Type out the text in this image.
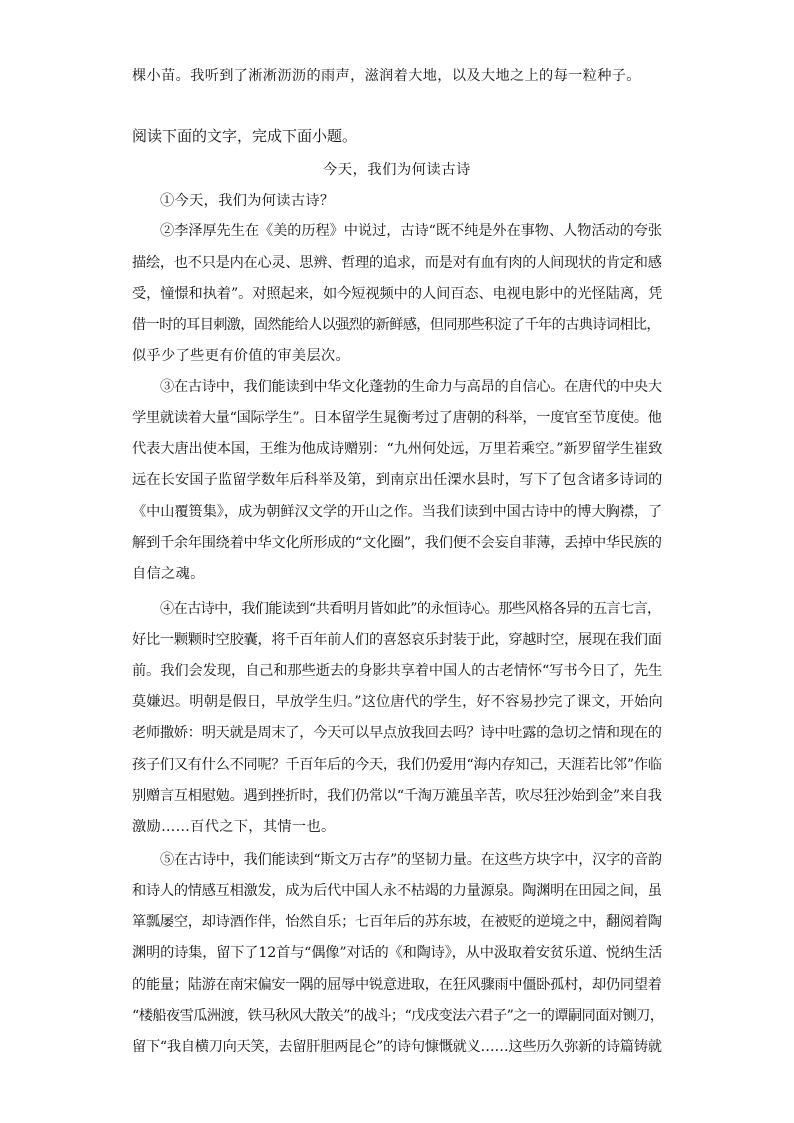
棵小苗。我听到了淅淅沥沥的雨声，滋润着大地，以及大地之上的每一粒种子。
阅读下面的文字，完成下面小题。
今天，我们为何读古诗
①今天，我们为何读古诗？
②李泽厚先生在《美的历程》中说过，古诗“既不纯是外在事物、人物活动的夸张
描绘，也不只是内在心灵、思辨、哲理的追求，而是对有血有肉的人间现状的肯定和感
受，憧憬和执着”。对照起来，如今短视频中的人间百态、电视电影中的光怪陆离，凭
借一时的耳目刺激，固然能给人以强烈的新鲜感，但同那些积淀了千年的古典诗词相比，
似乎少了些更有价值的审美层次。
③在古诗中，我们能读到中华文化蓬勃的生命力与高昂的自信心。在唐代的中央大
学里就读着大量“国际学生”。日本留学生晁衡考过了唐朝的科举，一度官至节度使。他
代表大唐出使本国，王维为他成诗赠别：“九州何处远，万里若乘空。”新罗留学生崔致
远在长安国子监留学数年后科举及第，到南京出任溧水县时，写下了包含诸多诗词的
《中山覆篑集》，成为朝鲜汉文学的开山之作。当我们读到中国古诗中的博大胸襟，了
解到千余年围绕着中华文化所形成的“文化圈”，我们便不会妄自菲薄，丢掉中华民族的
自信之魂。
④在古诗中，我们能读到“共看明月皆如此”的永恒诗心。那些风格各异的五言七言，
好比一颗颗时空胶囊，将千百年前人们的喜怒哀乐封装于此，穿越时空，展现在我们面
前。我们会发现，自己和那些逝去的身影共享着中国人的古老情怀“写书今日了，先生
莫嫌迟。明朝是假日，早放学生归。”这位唐代的学生，好不容易抄完了课文，开始向
老师撒娇：明天就是周末了，今天可以早点放我回去吗？诗中吐露的急切之情和现在的
孩子们又有什么不同呢？千百年后的今天，我们仍爱用“海内存知己，天涯若比邻”作临
别赠言互相慰勉。遇到挫折时，我们仍常以“千淘万漉虽辛苦，吹尽狂沙始到金”来自我
激励……百代之下，其情一也。
⑤在古诗中，我们能读到“斯文万古存”的坚韧力量。在这些方块字中，汉字的音韵
和诗人的情感互相激发，成为后代中国人永不枯竭的力量源泉。陶渊明在田园之间，虽
箪瓢屡空，却诗酒作伴，怡然自乐；七百年后的苏东坡，在被贬的逆境之中，翻阅着陶
渊明的诗集，留下了12首与“偶像”对话的《和陶诗》，从中汲取着安贫乐道、悦纳生活
的能量；陆游在南宋偏安一隅的屈辱中锐意进取，在狂风骤雨中僵卧孤村，却仍同望着
“楼船夜雪瓜洲渡，铁马秋风大散关”的战斗；“戊戌变法六君子”之一的谭嗣同面对铡刀，
留下“我自横刀向天笑，去留肝胆两昆仑”的诗句慷慨就义……这些历久弥新的诗篇铸就
